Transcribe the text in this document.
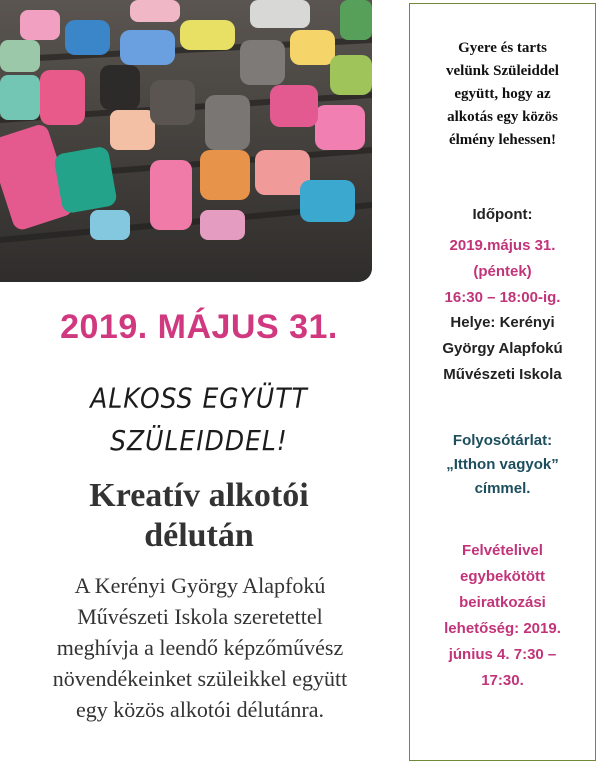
2019. MÁJUS 31.
ALKOSS EGYÜTT
SZÜLEIDDEL!
Kreatív alkotói
délután
A Kerényi György Alapfokú
Művészeti Iskola szeretettel
meghívja a leendő képzőművész
növendékeinket szüleikkel együtt
egy közös alkotói délutánra.
Gyere és tarts
velünk Szüleiddel
együtt, hogy az
alkotás egy közös
élmény lehessen!
Időpont:
2019.május 31.
(péntek)
16:30 – 18:00-ig.
Helye: Kerényi
György Alapfokú
Művészeti Iskola
Folyosótárlat:
„Itthon vagyok”
címmel.
Felvételivel
egybekötött
beiratkozási
lehetőség: 2019.
június 4. 7:30 –
17:30.
